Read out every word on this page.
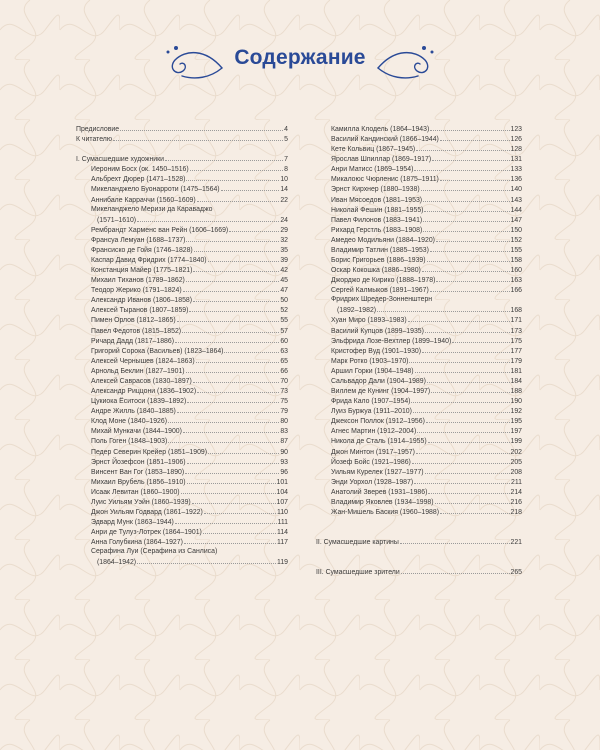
Содержание
Предисловие	4
К читателю	5
I. Сумасшедшие художники	7
Иероним Босх (ок. 1450–1516)	8
Альбрехт Дюрер (1471–1528)	10
Микеланджело Буонарроти (1475–1564)	14
Аннибале Карраччи (1560–1609)	22
Микеланджело Меризи да Караваджо
(1571–1610)	24
Рембрандт Харменс ван Рейн (1606–1669)	29
Франсуа Лемуан (1688–1737)	32
Франсиско де Гойя (1746–1828)	35
Каспар Давид Фридрих (1774–1840)	39
Констанция Майер (1775–1821)	42
Михаил Тиханов (1789–1862)	45
Теодор Жерико (1791–1824)	47
Александр Иванов (1806–1858)	50
Алексей Тыранов (1807–1859)	52
Пимен Орлов (1812–1865)	55
Павел Федотов (1815–1852)	57
Ричард Дадд (1817–1886)	60
Григорий Сорока (Васильев) (1823–1864)	63
Алексей Чернышев (1824–1863)	65
Арнольд Беклин (1827–1901)	66
Алексей Саврасов (1830–1897)	70
Александр Риццони (1836–1902)	73
Цукиока Ёситоси (1839–1892)	75
Андре Жилль (1840–1885)	79
Клод Моне (1840–1926)	80
Михай Мункачи (1844–1900)	83
Поль Гоген (1848–1903)	87
Педер Северин Крейер (1851–1909)	90
Эрнст Йозефсон (1851–1906)	93
Винсент Ван Гог (1853–1890)	96
Михаил Врубель (1856–1910)	101
Исаак Левитан (1860–1900)	104
Луис Уильям Уэйн (1860–1939)	107
Джон Уильям Годвард (1861–1922)	110
Эдвард Мунк (1863–1944)	111
Анри де Тулуз-Лотрек (1864–1901)	114
Анна Голубкина (1864–1927)	117
Серафина Луи (Серафина из Санлиса)
(1864–1942)	119
Камилла Клодель (1864–1943)	123
Василий Кандинский (1866–1944)	126
Кете Кольвиц (1867–1945)	128
Ярослав Шпиллар (1869–1917)	131
Анри Матисс (1869–1954)	133
Микалоюс Чюрленис (1875–1911)	136
Эрнст Кирхнер (1880–1938)	140
Иван Мясоедов (1881–1953)	143
Николай Фешин (1881–1955)	144
Павел Филонов (1883–1941)	147
Рихард Герстль (1883–1908)	150
Амедео Модильяни (1884–1920)	152
Владимир Татлин (1885–1953)	155
Борис Григорьев (1886–1939)	158
Оскар Кокошка (1886–1980)	160
Джорджо де Кирико (1888–1978)	163
Сергей Калмыков (1891–1967)	166
Фридрих Шредер-Зонненштерн
(1892–1982)	168
Хуан Миро (1893–1983)	171
Василий Купцов (1899–1935)	173
Эльфрида Лозе-Вехтлер (1899–1940)	175
Кристофер Вуд (1901–1930)	177
Марк Ротко (1903–1970)	179
Аршил Горки (1904–1948)	181
Сальвадор Дали (1904–1989)	184
Виллем де Кунинг (1904–1997)	188
Фрида Кало (1907–1954)	190
Луиз Буржуа (1911–2010)	192
Джексон Поллок (1912–1956)	195
Агнес Мартин (1912–2004)	197
Никола де Сталь (1914–1955)	199
Джон Минтон (1917–1957)	202
Йозеф Бойс (1921–1986)	205
Уильям Курелек (1927–1977)	208
Энди Уорхол (1928–1987)	211
Анатолий Зверев (1931–1986)	214
Владимир Яковлев (1934–1998)	216
Жан-Мишель Баския (1960–1988)	218
II. Сумасшедшие картины	221
III. Сумасшедшие зрители	265
